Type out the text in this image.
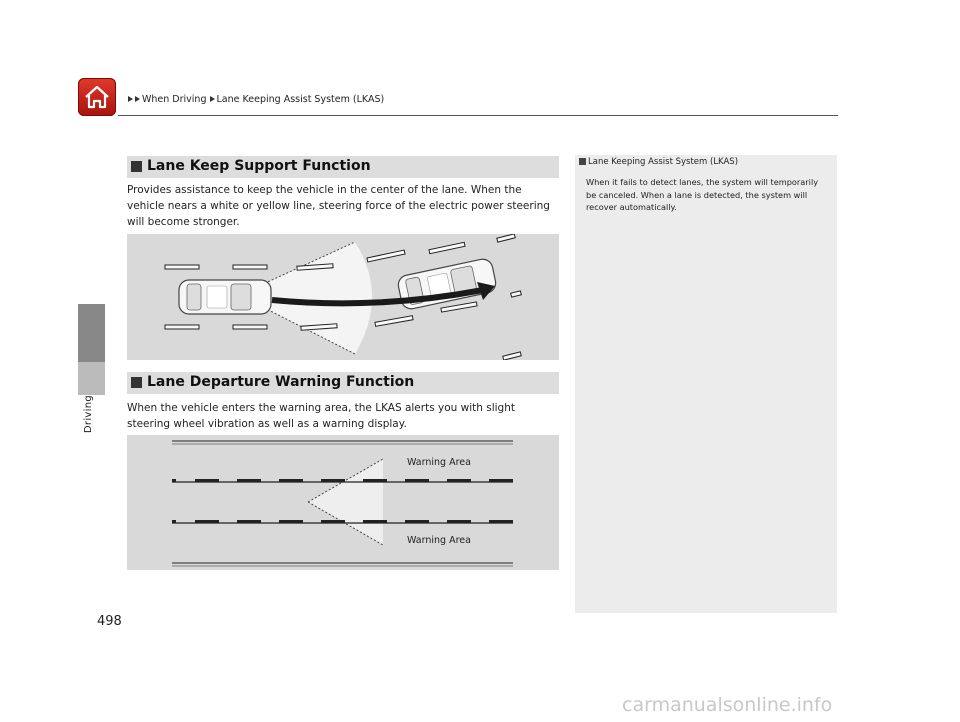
When Driving Lane Keeping Assist System (LKAS)
Driving
498
Lane Keep Support Function
Provides assistance to keep the vehicle in the center of the lane. When the vehicle nears a white or yellow line, steering force of the electric power steering will become stronger.
Lane Departure Warning Function
When the vehicle enters the warning area, the LKAS alerts you with slight steering wheel vibration as well as a warning display.
Warning Area
Warning Area
Lane Keeping Assist System (LKAS)
When it fails to detect lanes, the system will temporarily be canceled. When a lane is detected, the system will recover automatically.
carmanualsonline.info
